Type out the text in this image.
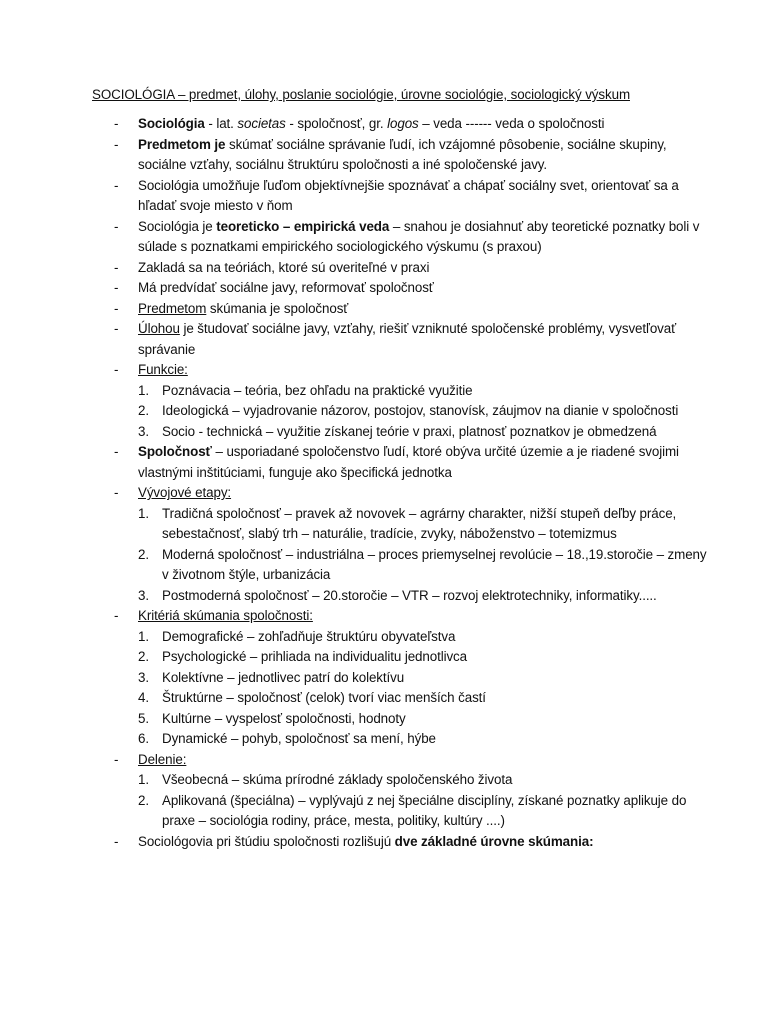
SOCIOLÓGIA – predmet, úlohy, poslanie sociológie, úrovne sociológie, sociologický výskum
- Sociológia - lat. societas - spoločnosť, gr. logos – veda ------ veda o spoločnosti
- Predmetom je skúmať sociálne správanie ľudí, ich vzájomné pôsobenie, sociálne skupiny, sociálne vzťahy, sociálnu štruktúru spoločnosti a iné spoločenské javy.
- Sociológia umožňuje ľuďom objektívnejšie spoznávať a chápať sociálny svet, orientovať sa a hľadať svoje miesto v ňom
- Sociológia je teoreticko – empirická veda – snahou je dosiahnuť aby teoretické poznatky boli v súlade s poznatkami empirického sociologického výskumu (s praxou)
- Zakladá sa na teóriách, ktoré sú overiteľné v praxi
- Má predvídať sociálne javy, reformovať spoločnosť
- Predmetom skúmania je spoločnosť
- Úlohou je študovať sociálne javy, vzťahy, riešiť vzniknuté spoločenské problémy, vysvetľovať správanie
- Funkcie:
1. Poznávacia – teória, bez ohľadu na praktické využitie
2. Ideologická – vyjadrovanie názorov, postojov, stanovísk, záujmov na dianie v spoločnosti
3. Socio - technická – využitie získanej teórie v praxi, platnosť poznatkov je obmedzená
- Spoločnosť – usporiadané spoločenstvo ľudí, ktoré obýva určité územie a je riadené svojimi vlastnými inštitúciami, funguje ako špecifická jednotka
- Vývojové etapy:
1. Tradičná spoločnosť – pravek až novovek – agrárny charakter, nižší stupeň deľby práce, sebestačnosť, slabý trh – naturálie, tradície, zvyky, náboženstvo – totemizmus
2. Moderná spoločnosť – industriálna – proces priemyselnej revolúcie – 18.,19.storočie – zmeny v životnom štýle, urbanizácia
3. Postmoderná spoločnosť – 20.storočie – VTR – rozvoj elektrotechniky, informatiky.....
- Kritériá skúmania spoločnosti:
1. Demografické – zohľadňuje štruktúru obyvateľstva
2. Psychologické – prihliada na individualitu jednotlivca
3. Kolektívne – jednotlivec patrí do kolektívu
4. Štruktúrne – spoločnosť (celok) tvorí viac menších častí
5. Kultúrne – vyspelosť spoločnosti, hodnoty
6. Dynamické – pohyb, spoločnosť sa mení, hýbe
- Delenie:
1. Všeobecná – skúma prírodné základy spoločenského života
2. Aplikovaná (špeciálna) – vyplývajú z nej špeciálne disciplíny, získané poznatky aplikuje do praxe – sociológia rodiny, práce, mesta, politiky, kultúry ....)
- Sociológovia pri štúdiu spoločnosti rozlišujú dve základné úrovne skúmania:
